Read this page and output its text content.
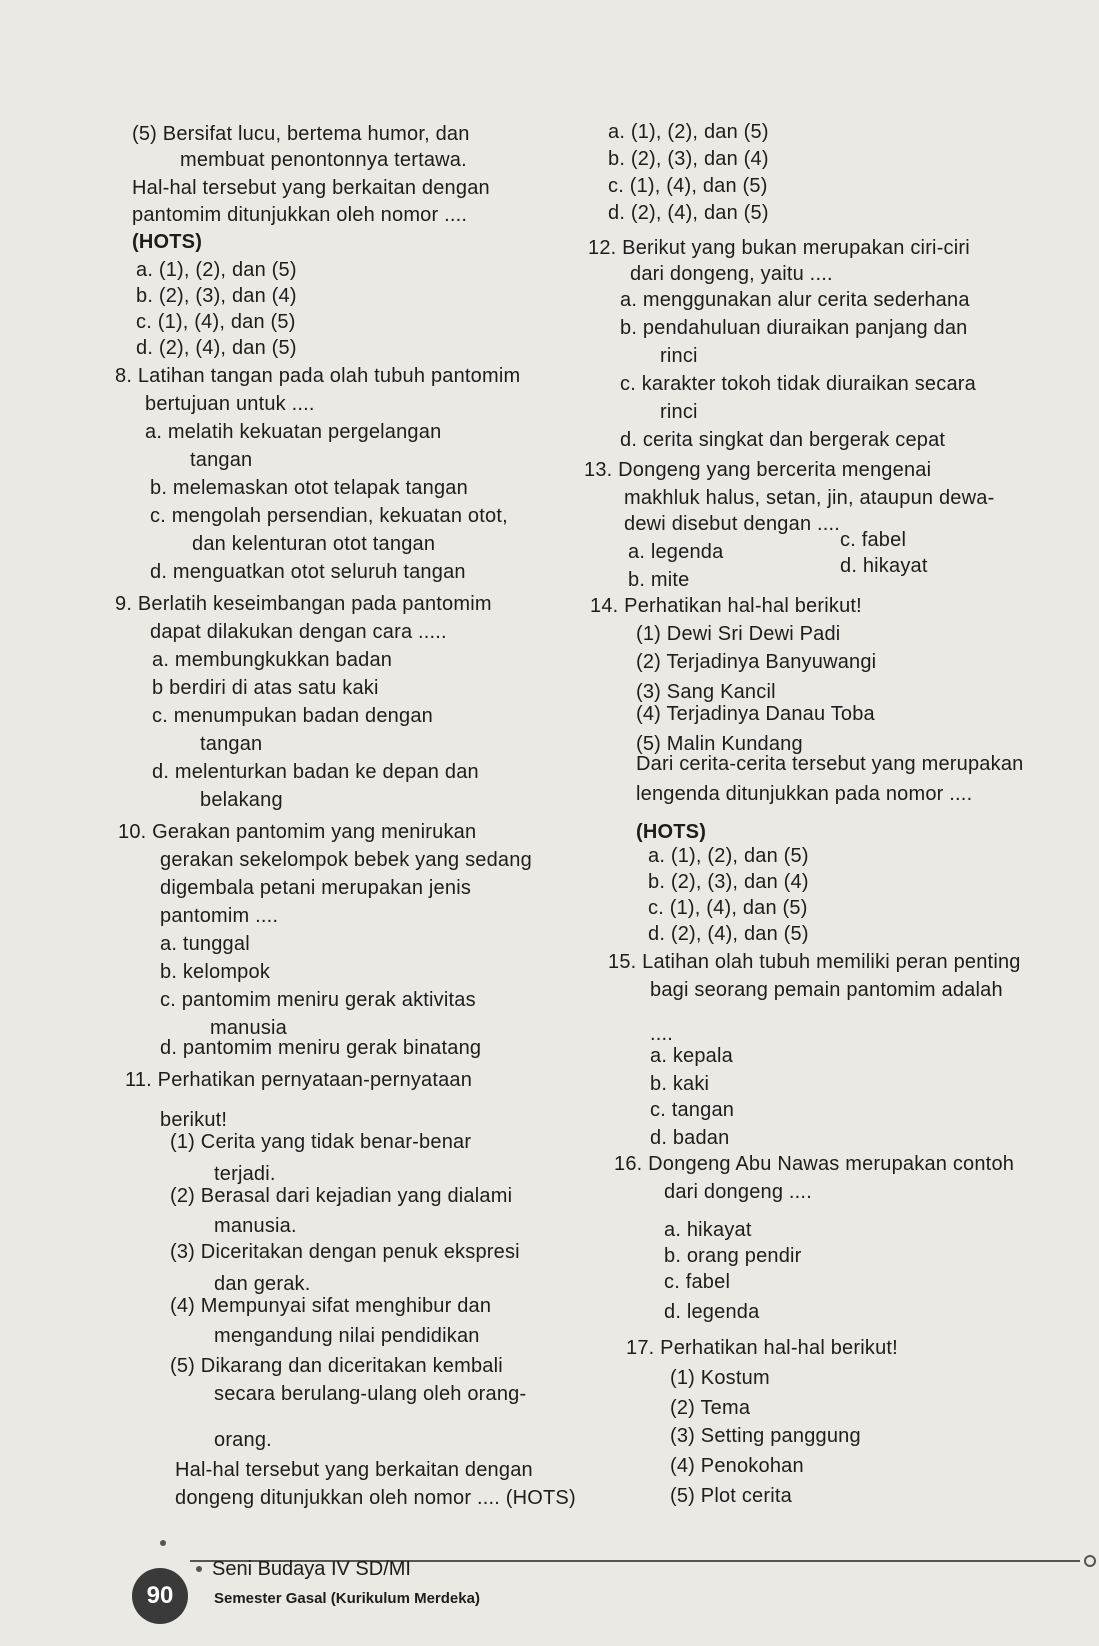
(5) Bersifat lucu, bertema humor, dan
membuat penontonnya tertawa.
Hal-hal tersebut yang berkaitan dengan
pantomim ditunjukkan oleh nomor ....
(HOTS)
a. (1), (2), dan (5)
b. (2), (3), dan (4)
c. (1), (4), dan (5)
d. (2), (4), dan (5)
8. Latihan tangan pada olah tubuh pantomim
bertujuan untuk ....
a. melatih kekuatan pergelangan
tangan
b. melemaskan otot telapak tangan
c. mengolah persendian, kekuatan otot,
dan kelenturan otot tangan
d. menguatkan otot seluruh tangan
9. Berlatih keseimbangan pada pantomim
dapat dilakukan dengan cara .....
a. membungkukkan badan
b berdiri di atas satu kaki
c. menumpukan badan dengan
tangan
d. melenturkan badan ke depan dan
belakang
10. Gerakan pantomim yang menirukan
gerakan sekelompok bebek yang sedang
digembala petani merupakan jenis
pantomim ....
a. tunggal
b. kelompok
c. pantomim meniru gerak aktivitas
manusia
d. pantomim meniru gerak binatang
11. Perhatikan pernyataan-pernyataan
berikut!
(1) Cerita yang tidak benar-benar
terjadi.
(2) Berasal dari kejadian yang dialami
manusia.
(3) Diceritakan dengan penuk ekspresi
dan gerak.
(4) Mempunyai sifat menghibur dan
mengandung nilai pendidikan
(5) Dikarang dan diceritakan kembali
secara berulang-ulang oleh orang-
orang.
Hal-hal tersebut yang berkaitan dengan
dongeng ditunjukkan oleh nomor .... (HOTS)
a. (1), (2), dan (5)
b. (2), (3), dan (4)
c. (1), (4), dan (5)
d. (2), (4), dan (5)
12. Berikut yang bukan merupakan ciri-ciri
dari dongeng, yaitu ....
a. menggunakan alur cerita sederhana
b. pendahuluan diuraikan panjang dan
rinci
c. karakter tokoh tidak diuraikan secara
rinci
d. cerita singkat dan bergerak cepat
13. Dongeng yang bercerita mengenai
makhluk halus, setan, jin, ataupun dewa-
dewi disebut dengan ....
a. legenda
c. fabel
b. mite
d. hikayat
14. Perhatikan hal-hal berikut!
(1) Dewi Sri Dewi Padi
(2) Terjadinya Banyuwangi
(3) Sang Kancil
(4) Terjadinya Danau Toba
(5) Malin Kundang
Dari cerita-cerita tersebut yang merupakan
lengenda ditunjukkan pada nomor ....
(HOTS)
a. (1), (2), dan (5)
b. (2), (3), dan (4)
c. (1), (4), dan (5)
d. (2), (4), dan (5)
15. Latihan olah tubuh memiliki peran penting
bagi seorang pemain pantomim adalah
....
a. kepala
b. kaki
c. tangan
d. badan
16. Dongeng Abu Nawas merupakan contoh
dari dongeng ....
a. hikayat
b. orang pendir
c. fabel
d. legenda
17. Perhatikan hal-hal berikut!
(1) Kostum
(2) Tema
(3) Setting panggung
(4) Penokohan
(5) Plot cerita
90
Seni Budaya IV SD/MI
Semester Gasal (Kurikulum Merdeka)
